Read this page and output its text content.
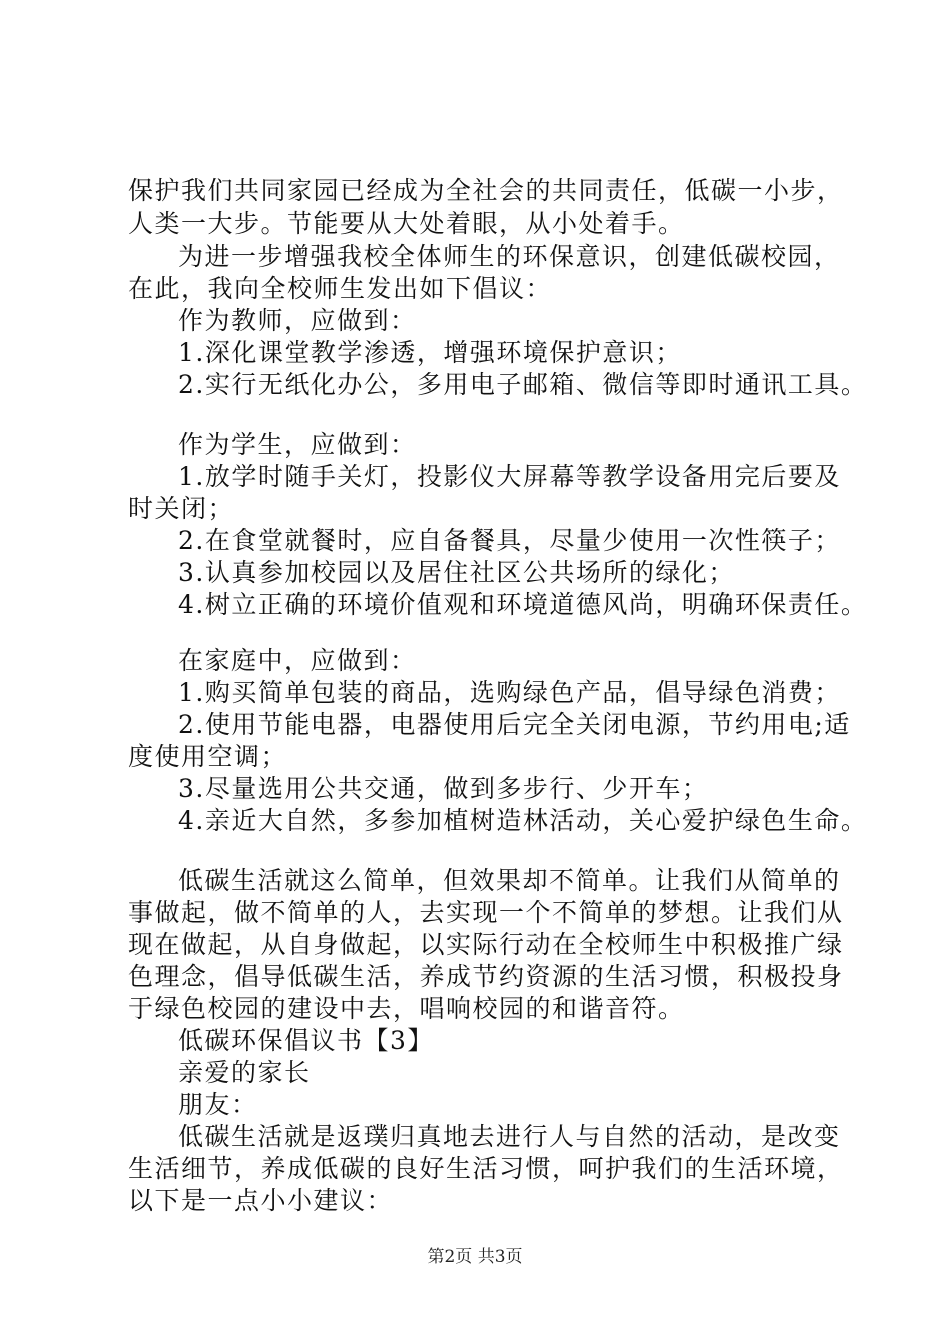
保护我们共同家园已经成为全社会的共同责任，低碳一小步，
人类一大步。节能要从大处着眼，从小处着手。
为进一步增强我校全体师生的环保意识，创建低碳校园，
在此，我向全校师生发出如下倡议：
作为教师，应做到：
1.深化课堂教学渗透，增强环境保护意识；
2.实行无纸化办公，多用电子邮箱、微信等即时通讯工具。
作为学生，应做到：
1.放学时随手关灯，投影仪大屏幕等教学设备用完后要及
时关闭；
2.在食堂就餐时，应自备餐具，尽量少使用一次性筷子；
3.认真参加校园以及居住社区公共场所的绿化；
4.树立正确的环境价值观和环境道德风尚，明确环保责任。
在家庭中，应做到：
1.购买简单包装的商品，选购绿色产品，倡导绿色消费；
2.使用节能电器，电器使用后完全关闭电源，节约用电;适
度使用空调；
3.尽量选用公共交通，做到多步行、少开车；
4.亲近大自然，多参加植树造林活动，关心爱护绿色生命。
低碳生活就这么简单，但效果却不简单。让我们从简单的
事做起，做不简单的人，去实现一个不简单的梦想。让我们从
现在做起，从自身做起，以实际行动在全校师生中积极推广绿
色理念，倡导低碳生活，养成节约资源的生活习惯，积极投身
于绿色校园的建设中去，唱响校园的和谐音符。
低碳环保倡议书【3】
亲爱的家长
朋友：
低碳生活就是返璞归真地去进行人与自然的活动，是改变
生活细节，养成低碳的良好生活习惯，呵护我们的生活环境，
以下是一点小小建议：
第2页 共3页
